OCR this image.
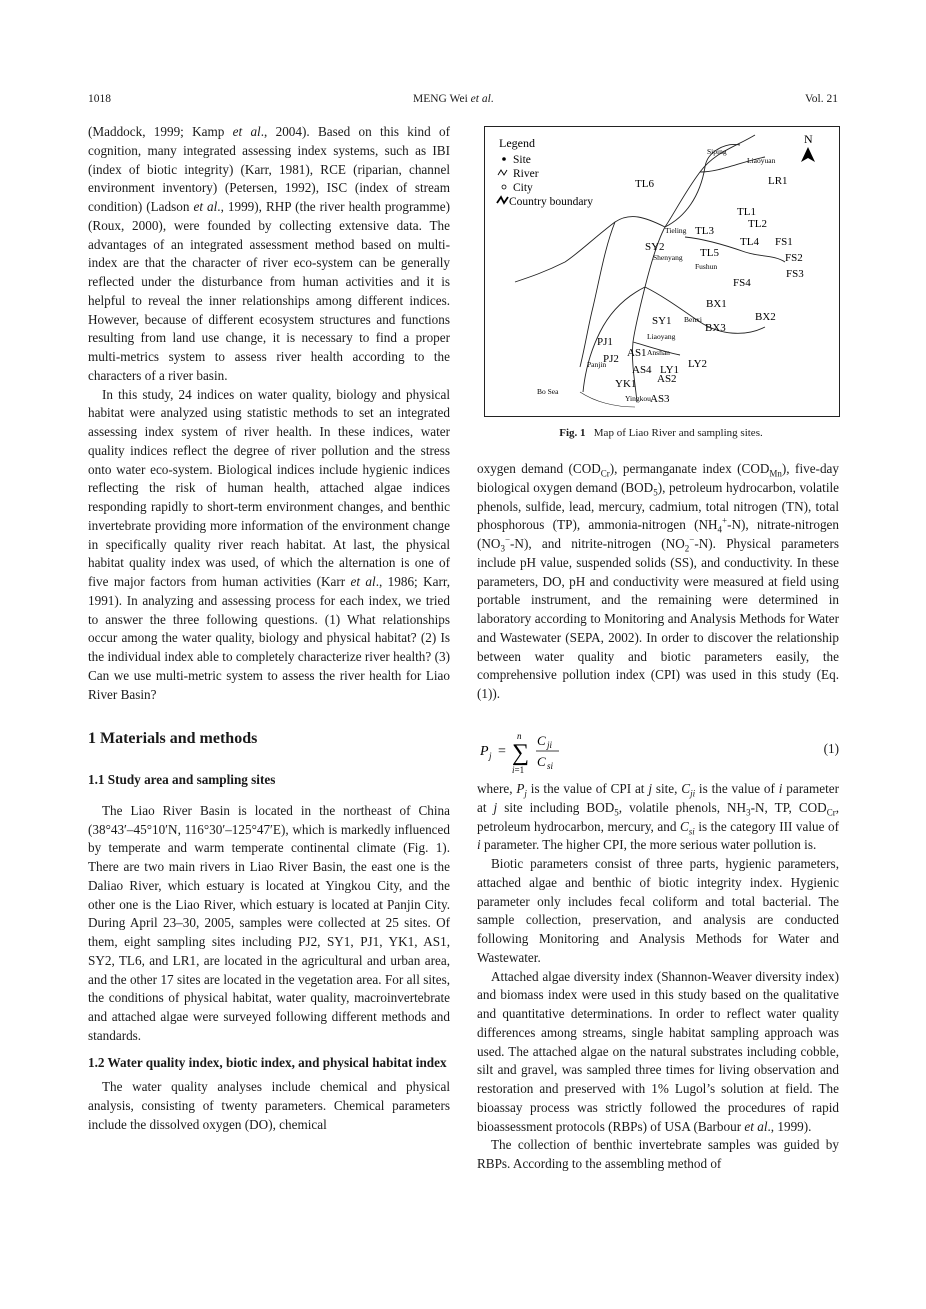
1018	MENG Wei et al.	Vol. 21

(Maddock, 1999; Kamp et al., 2004). Based on this kind of cognition, many integrated assessing index systems, such as IBI (index of biotic integrity) (Karr, 1981), RCE (riparian, channel environment inventory) (Petersen, 1992), ISC (index of stream condition) (Ladson et al., 1999), RHP (the river health programme) (Roux, 2000), were founded by collecting extensive data. The advantages of an integrated assessment method based on multi-index are that the character of river eco-system can be generally reflected under the disturbance from human activities and it is helpful to reveal the inner relationships among different indices. However, because of different ecosystem structures and functions resulting from land use change, it is necessary to find a proper multi-metrics system to assess river health according to the characters of a river basin.

In this study, 24 indices on water quality, biology and physical habitat were analyzed using statistic methods to set an integrated assessing index system of river health. In these indices, water quality indices reflect the degree of river pollution and the stress onto water eco-system. Biological indices include hygienic indices reflecting the risk of human health, attached algae indices responding rapidly to short-term environment changes, and benthic invertebrate providing more information of the environment change in specifically quality river reach habitat. At last, the physical habitat quality index was used, of which the alternation is one of five major factors from human activities (Karr et al., 1986; Karr, 1991). In analyzing and assessing process for each index, we tried to answer the three following questions. (1) What relationships occur among the water quality, biology and physical habitat? (2) Is the individual index able to completely characterize river health? (3) Can we use multi-metric system to assess the river health for Liao River Basin?

1 Materials and methods

1.1 Study area and sampling sites

The Liao River Basin is located in the northeast of China (38°43′–45°10′N, 116°30′–125°47′E), which is markedly influenced by temperate and warm temperate continental climate (Fig. 1). There are two main rivers in Liao River Basin, the east one is the Daliao River, which estuary is located at Yingkou City, and the other one is the Liao River, which estuary is located at Panjin City. During April 23–30, 2005, samples were collected at 25 sites. Of them, eight sampling sites including PJ2, SY1, PJ1, YK1, AS1, SY2, TL6, and LR1, are located in the agricultural and urban area, and the other 17 sites are located in the vegetation area. For all sites, the conditions of physical habitat, water quality, macroinvertebrate and attached algae were surveyed following different methods and standards.

1.2 Water quality index, biotic index, and physical habitat index

The water quality analyses include chemical and physical analysis, consisting of twenty parameters. Chemical parameters include the dissolved oxygen (DO), chemical

Legend
Site
River
City
Country boundary
N
Siping
Liaoyuan
Tieling
Fushun
Shenyang
Benxi
Liaoyang
Anshan
Panjin
Yingkou
Bo Sea
LR1
TL6
TL1
TL2
TL3
TL4
TL5
FS1
FS2
FS3
SY2
FS4
BX1
BX2
BX3
SY1
PJ1
PJ2 AS1
AS4 LY1 LY2
AS2
YK1
AS3
Fig. 1 Map of Liao River and sampling sites.

oxygen demand $(COD_{Cr})$, permanganate index $(COD_{Mn})$, five-day biological oxygen demand $(BOD_5)$, petroleum hydrocarbon, volatile phenols, sulfide, lead, mercury, cadmium, total nitrogen (TN), total phosphorous (TP), ammonia-nitrogen $(NH_4^+-N)$, nitrate-nitrogen $(NO_3^--N)$, and nitrite-nitrogen $(NO_2^--N)$. Physical parameters include pH value, suspended solids (SS), and conductivity. In these parameters, DO, pH and conductivity were measured at field using portable instrument, and the remaining were determined in laboratory according to Monitoring and Analysis Methods for Water and Wastewater (SEPA, 2002). In order to discover the relationship between water quality and biotic parameters easily, the comprehensive pollution index (CPI) was used in this study (Eq. (1)).

P j =
n
∑
i=1
C ji
C si
(1)

where, $P_j$ is the value of CPI at j site, $C_{ji}$ is the value of i parameter at j site including $BOD_5$, volatile phenols, $NH_3-N$, TP, $COD_{Cr}$, petroleum hydrocarbon, mercury, and $C_{si}$ is the category III value of i parameter. The higher CPI, the more serious water pollution is.

Biotic parameters consist of three parts, hygienic parameters, attached algae and benthic of biotic integrity index. Hygienic parameter only includes fecal coliform and total bacterial. The sample collection, preservation, and analysis are conducted following Monitoring and Analysis Methods for Water and Wastewater.

Attached algae diversity index (Shannon-Weaver diversity index) and biomass index were used in this study based on the qualitative and quantitative determinations. In order to reflect water quality differences among streams, single habitat sampling approach was used. The attached algae on the natural substrates including cobble, silt and gravel, was sampled three times for living observation and restoration and preserved with 1% Lugol’s solution at field. The bioassay process was strictly followed the procedures of rapid bioassessment protocols (RBPs) of USA (Barbour et al., 1999).

The collection of benthic invertebrate samples was guided by RBPs. According to the assembling method of
